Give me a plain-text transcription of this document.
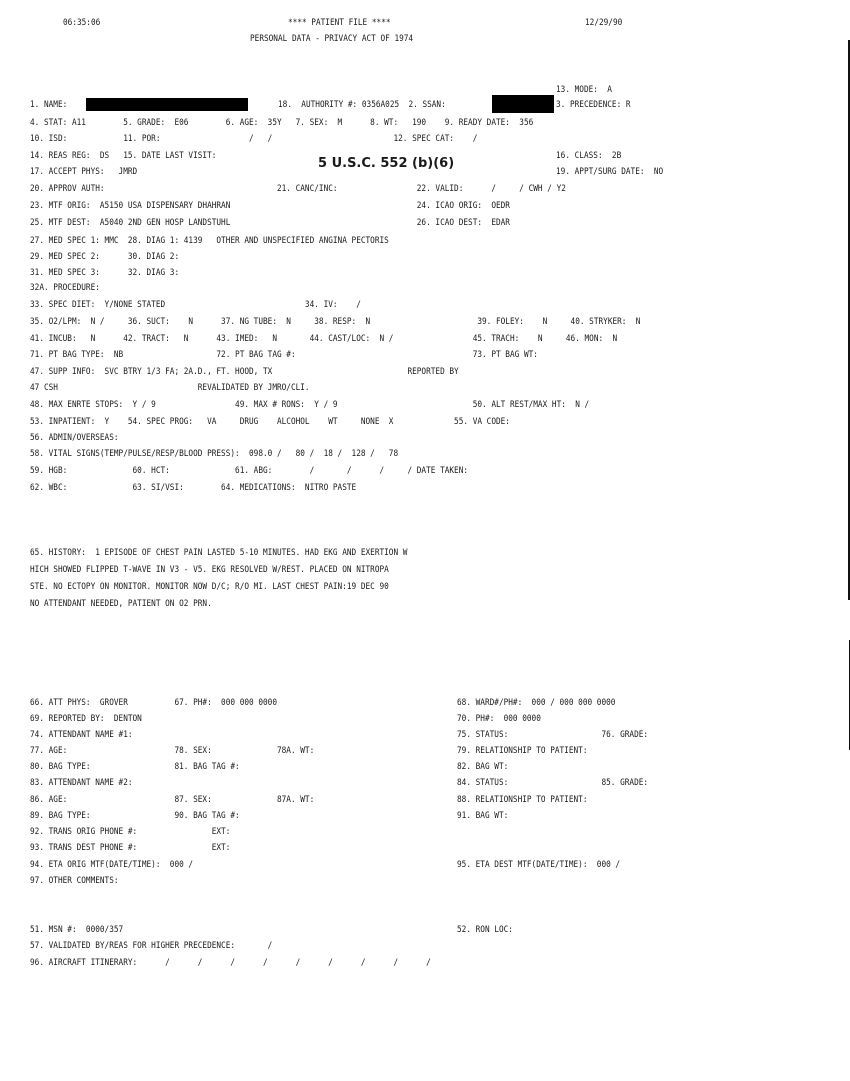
06:35:06	**** PATIENT FILE ****
PERSONAL DATA - PRIVACY ACT OF 1974
12/29/90
13. MODE:  A
1. NAME:	18.  AUTHORITY #: 0356A025  2. SSAN:	3. PRECEDENCE: R
4. STAT: A11        5. GRADE:  E06        6. AGE:  35Y   7. SEX:  M      8. WT:   190    9. READY DATE:  356
10. ISD:            11. POR:                   /   /                          12. SPEC CAT:    /
14. REAS REG:  DS   15. DATE LAST VISIT:	16. CLASS:  2B
5 U.S.C. 552 (b)(6)
17. ACCEPT PHYS:   JMRD	19. APPT/SURG DATE:  NO
20. APPROV AUTH:                                     21. CANC/INC:                 22. VALID:      /     / CWH / Y2
23. MTF ORIG:  A5150 USA DISPENSARY DHAHRAN                                        24. ICAO ORIG:  OEDR
25. MTF DEST:  A5040 2ND GEN HOSP LANDSTUHL                                        26. ICAO DEST:  EDAR
27. MED SPEC 1: MMC  28. DIAG 1: 4139   OTHER AND UNSPECIFIED ANGINA PECTORIS
29. MED SPEC 2:      30. DIAG 2:
31. MED SPEC 3:      32. DIAG 3:
32A. PROCEDURE:
33. SPEC DIET:  Y/NONE STATED                              34. IV:    /
35. O2/LPM:  N /     36. SUCT:    N      37. NG TUBE:  N     38. RESP:  N                       39. FOLEY:    N     40. STRYKER:  N
41. INCUB:   N      42. TRACT:   N      43. IMED:   N       44. CAST/LOC:  N /                 45. TRACH:    N     46. MON:  N
71. PT BAG TYPE:  NB                    72. PT BAG TAG #:                                      73. PT BAG WT:
47. SUPP INFO:  SVC BTRY 1/3 FA; 2A.D., FT. HOOD, TX                             REPORTED BY
47 CSH                              REVALIDATED BY JMRO/CLI.
48. MAX ENRTE STOPS:  Y / 9                 49. MAX # RONS:  Y / 9                             50. ALT REST/MAX HT:  N /
53. INPATIENT:  Y    54. SPEC PROG:   VA     DRUG    ALCOHOL    WT     NONE  X             55. VA CODE:
56. ADMIN/OVERSEAS:
58. VITAL SIGNS(TEMP/PULSE/RESP/BLOOD PRESS):  098.0 /   80 /  18 /  128 /   78
59. HGB:              60. HCT:              61. ABG:        /       /      /     / DATE TAKEN:
62. WBC:              63. SI/VSI:        64. MEDICATIONS:  NITRO PASTE
65. HISTORY:  1 EPISODE OF CHEST PAIN LASTED 5-10 MINUTES. HAD EKG AND EXERTION W
HICH SHOWED FLIPPED T-WAVE IN V3 - V5. EKG RESOLVED W/REST. PLACED ON NITROPA
STE. NO ECTOPY ON MONITOR. MONITOR NOW D/C; R/O MI. LAST CHEST PAIN:19 DEC 90
NO ATTENDANT NEEDED, PATIENT ON O2 PRN.
66. ATT PHYS:  GROVER          67. PH#:  000 000 0000	68. WARD#/PH#:  000 / 000 000 0000
69. REPORTED BY:  DENTON	70. PH#:  000 0000
74. ATTENDANT NAME #1:	75. STATUS:                    76. GRADE:
77. AGE:                       78. SEX:              78A. WT:	79. RELATIONSHIP TO PATIENT:
80. BAG TYPE:                  81. BAG TAG #:	82. BAG WT:
83. ATTENDANT NAME #2:	84. STATUS:                    85. GRADE:
86. AGE:                       87. SEX:              87A. WT:	88. RELATIONSHIP TO PATIENT:
89. BAG TYPE:                  90. BAG TAG #:	91. BAG WT:
92. TRANS ORIG PHONE #:                EXT:
93. TRANS DEST PHONE #:                EXT:
94. ETA ORIG MTF(DATE/TIME):  000 /	95. ETA DEST MTF(DATE/TIME):  000 /
97. OTHER COMMENTS:
51. MSN #:  0000/357	52. RON LOC:
57. VALIDATED BY/REAS FOR HIGHER PRECEDENCE:       /
96. AIRCRAFT ITINERARY:      /      /      /      /      /      /      /      /      /
